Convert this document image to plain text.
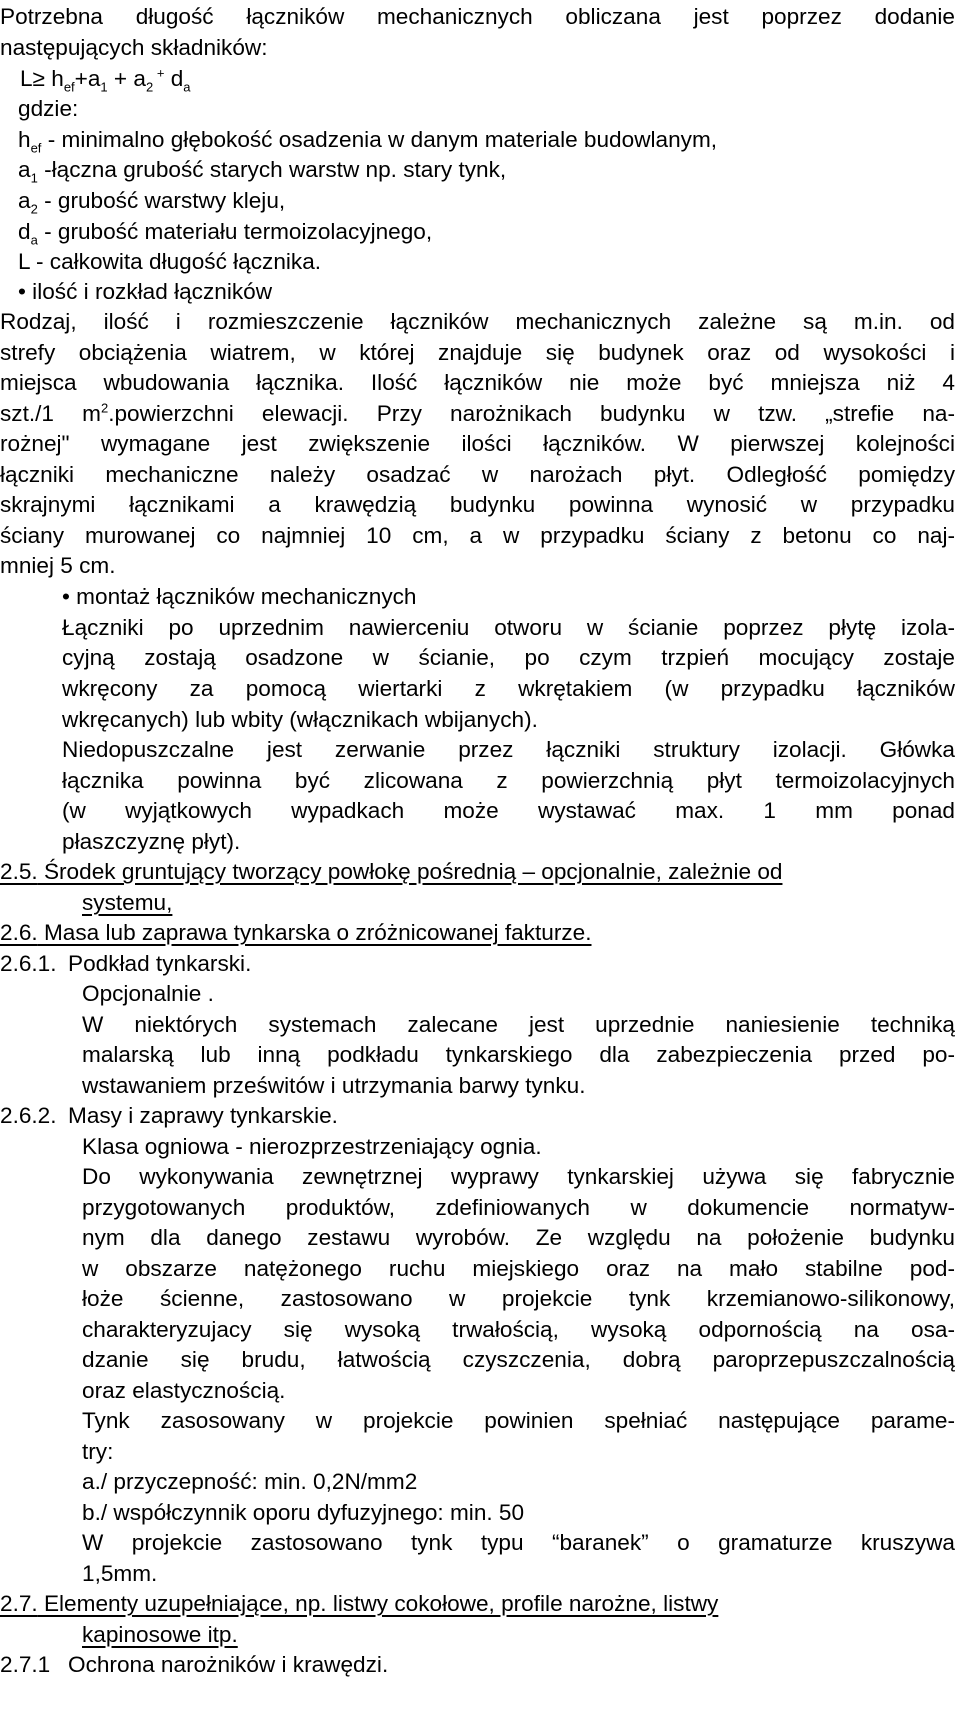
Potrzebna długość łączników mechanicznych obliczana jest poprzez dodanie
następujących składników:
$L\ge h_{ef}+a_1 + a_2$ + $d_a$
gdzie:
$h_{ef}$ - minimalno głębokość osadzenia w danym materiale budowlanym,
$a_1$ -łączna grubość starych warstw np. stary tynk,
$a_2$ - grubość warstwy kleju,
$d_a$ - grubość materiału termoizolacyjnego,
L - całkowita długość łącznika.
• ilość i rozkład łączników
Rodzaj, ilość i rozmieszczenie łączników mechanicznych zależne są m.in. od
strefy obciążenia wiatrem, w której znajduje się budynek oraz od wysokości i
miejsca wbudowania łącznika. Ilość łączników nie może być mniejsza niż 4
szt./1 $m^2.powierzchni$ elewacji. Przy narożnikach budynku w tzw. „strefie na-
rożnej" wymagane jest zwiększenie ilości łączników. W pierwszej kolejności
łączniki mechaniczne należy osadzać w narożach płyt. Odległość pomiędzy
skrajnymi łącznikami a krawędzią budynku powinna wynosić w przypadku
ściany murowanej co najmniej 10 cm, a w przypadku ściany z betonu co naj-
mniej 5 cm.
• montaż łączników mechanicznych
Łączniki po uprzednim nawierceniu otworu w ścianie poprzez płytę izola-
cyjną zostają osadzone w ścianie, po czym trzpień mocujący zostaje
wkręcony za pomocą wiertarki z wkrętakiem (w przypadku łączników
wkręcanych) lub wbity (włącznikach wbijanych).
Niedopuszczalne jest zerwanie przez łączniki struktury izolacji. Główka
łącznika powinna być zlicowana z powierzchnią płyt termoizolacyjnych
(w wyjątkowych wypadkach może wystawać max. 1 mm ponad
płaszczyznę płyt).
2.5. Środek gruntujący tworzący powłokę pośrednią – opcjonalnie, zależnie od
systemu,
2.6. Masa lub zaprawa tynkarska o zróżnicowanej fakturze.
2.6.1. Podkład tynkarski.
Opcjonalnie .
W niektórych systemach zalecane jest uprzednie naniesienie techniką
malarską lub inną podkładu tynkarskiego dla zabezpieczenia przed po-
wstawaniem prześwitów i utrzymania barwy tynku.
2.6.2. Masy i zaprawy tynkarskie.
Klasa ogniowa - nierozprzestrzeniający ognia.
Do wykonywania zewnętrznej wyprawy tynkarskiej używa się fabrycznie
przygotowanych produktów, zdefiniowanych w dokumencie normatyw-
nym dla danego zestawu wyrobów. Ze względu na położenie budynku
w obszarze natężonego ruchu miejskiego oraz na mało stabilne pod-
łoże ścienne, zastosowano w projekcie tynk krzemianowo-silikonowy,
charakteryzujacy się wysoką trwałością, wysoką odpornością na osa-
dzanie się brudu, łatwością czyszczenia, dobrą paroprzepuszczalnością
oraz elastycznością.
Tynk zasosowany w projekcie powinien spełniać następujące parame-
try:
a./ przyczepność: min. 0,2N/mm2
b./ współczynnik oporu dyfuzyjnego: min. 50
W projekcie zastosowano tynk typu “baranek” o gramaturze kruszywa
1,5mm.
2.7. Elementy uzupełniające, np. listwy cokołowe, profile narożne, listwy
kapinosowe itp.
2.7.1 Ochrona narożników i krawędzi.
